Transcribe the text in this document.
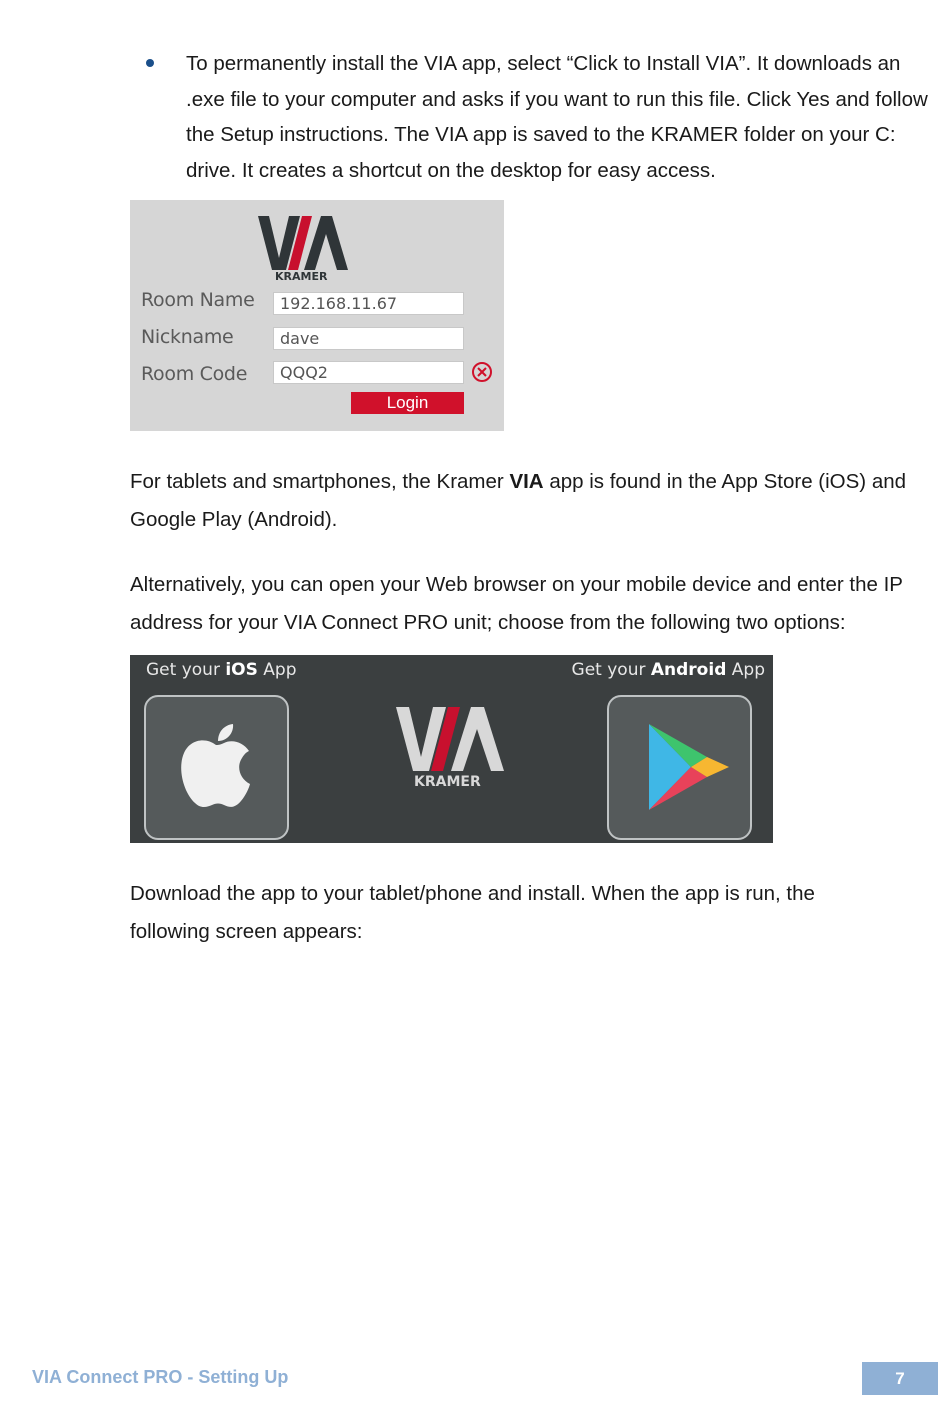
To permanently install the VIA app, select “Click to Install VIA”. It downloads an .exe file to your computer and asks if you want to run this file. Click Yes and follow the Setup instructions. The VIA app is saved to the KRAMER folder on your C: drive. It creates a shortcut on the desktop for easy access.

KRAMER
Room Name	192.168.11.67
Nickname	dave
Room Code	QQQ2
Login

For tablets and smartphones, the Kramer VIA app is found in the App Store (iOS) and Google Play (Android).

Alternatively, you can open your Web browser on your mobile device and enter the IP address for your VIA Connect PRO unit; choose from the following two options:

Get your iOS App	Get your Android App
KRAMER

Download the app to your tablet/phone and install. When the app is run, the following screen appears:

VIA Connect PRO - Setting Up	7
